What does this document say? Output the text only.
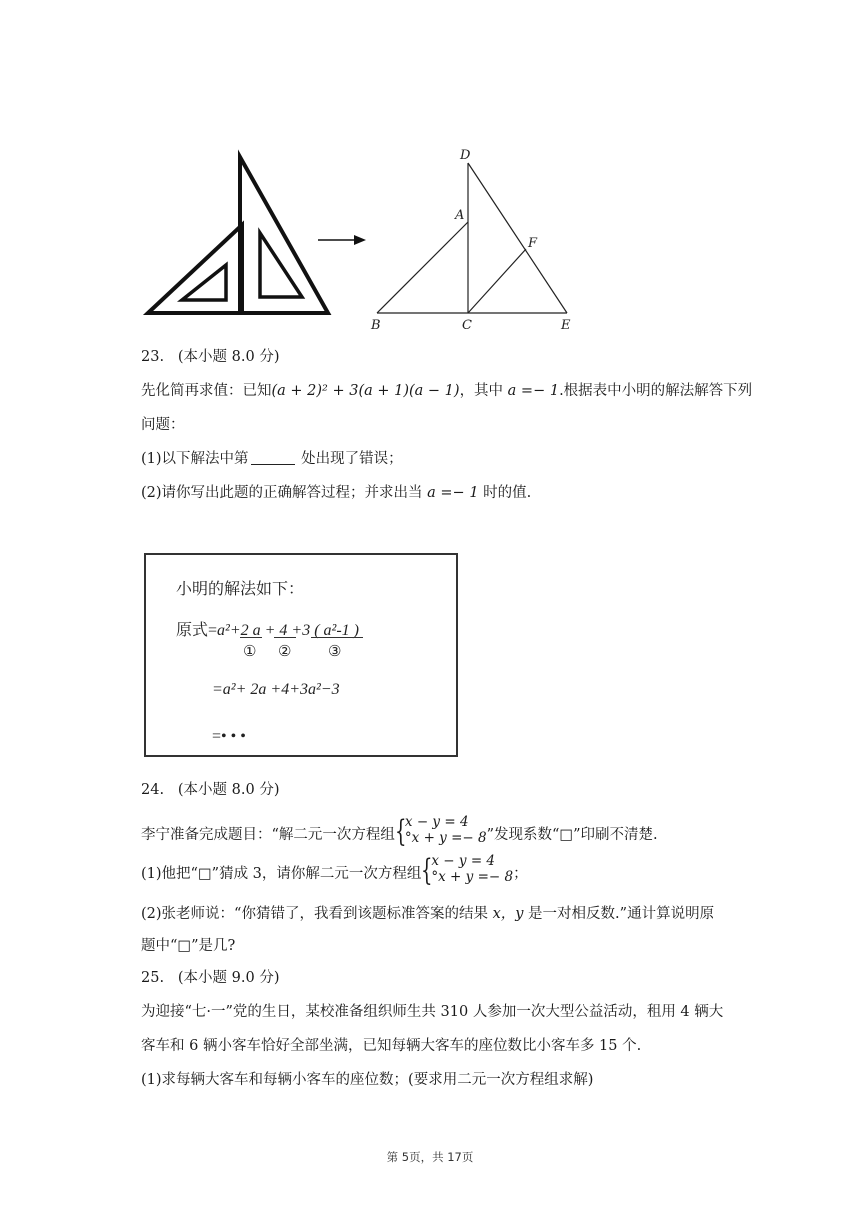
D
A
F
B	C	E
23.   (本小题 8.0 分)
先化简再求值：已知(a + 2)² + 3(a + 1)(a − 1)，其中 a =− 1.根据表中小明的解法解答下列
问题：
(1)以下解法中第	处出现了错误；
(2)请你写出此题的正确解答过程；并求出当 a =− 1 时的值.
小明的解法如下：
原式=a²+2 a + 4 +3 ( a²-1 )
① ② ③
=a²+ 2a +4+3a²−3
=• • •
24.   (本小题 8.0 分)
李宁准备完成题目：“解二元一次方程组 {
x − y = 4
°x + y =− 8 ”发现系数“□”印刷不清楚.
(1)他把“□”猜成 3，请你解二元一次方程组 {
x − y = 4
°x + y =− 8 ；
(2)张老师说：“你猜错了，我看到该题标准答案的结果 x，y 是一对相反数.”通计算说明原
题中“□”是几?
25.   (本小题 9.0 分)
为迎接“七·一”党的生日，某校准备组织师生共 310 人参加一次大型公益活动，租用 4 辆大
客车和 6 辆小客车恰好全部坐满，已知每辆大客车的座位数比小客车多 15 个.
(1)求每辆大客车和每辆小客车的座位数；(要求用二元一次方程组求解)
第 5页，共 17页
